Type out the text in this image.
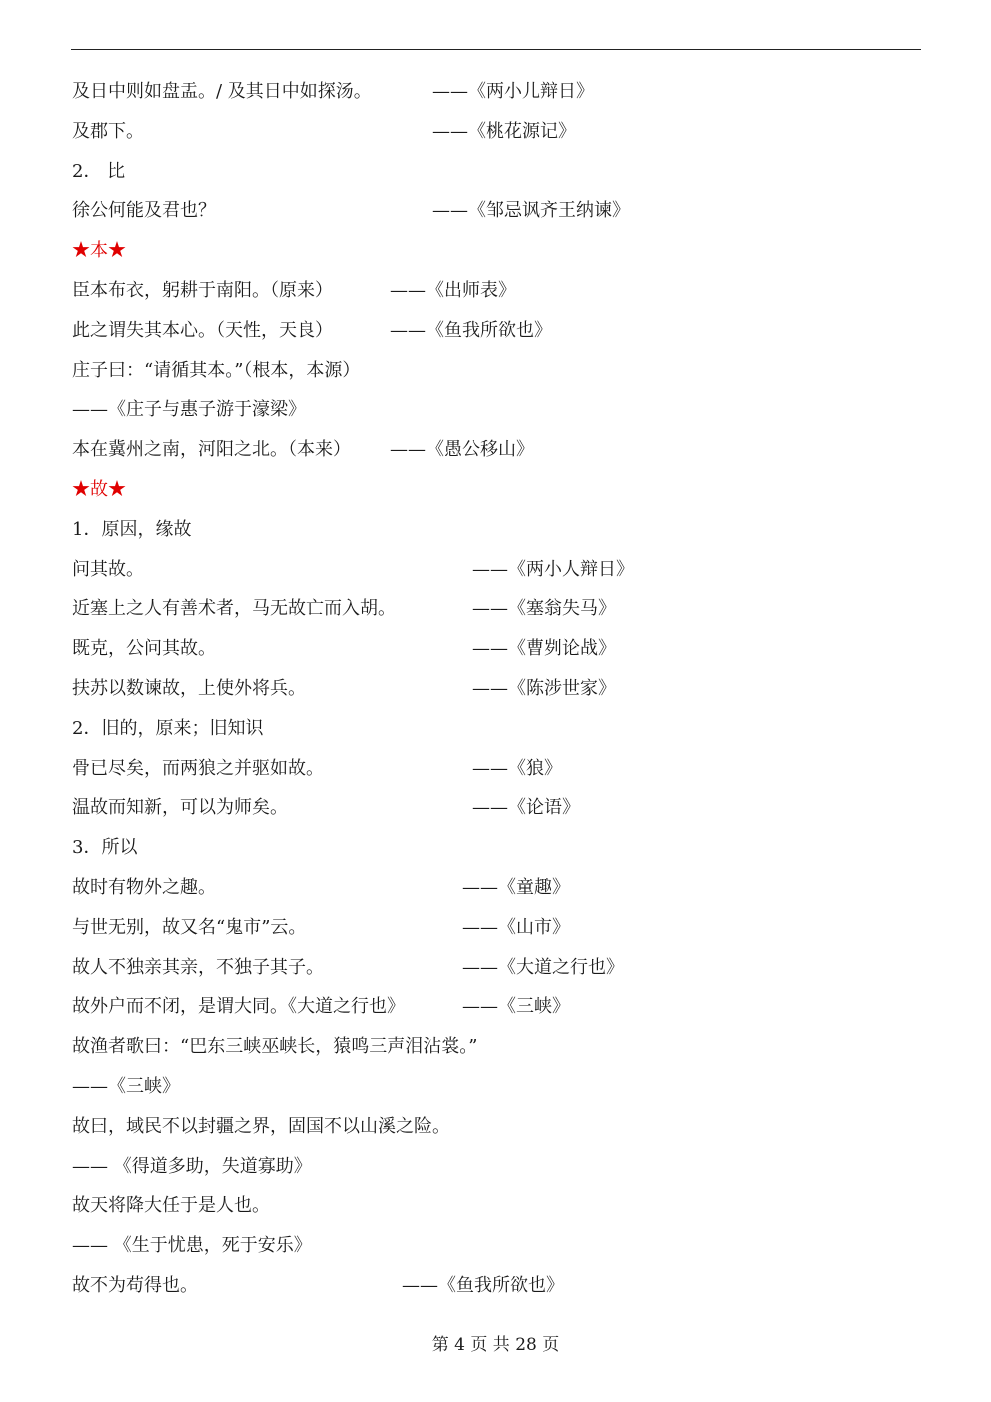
及日中则如盘盂。/ 及其日中如探汤。	——《两小儿辩日》
及郡下。	——《桃花源记》
2． 比
徐公何能及君也？	——《邹忌讽齐王纳谏》
★本★
臣本布衣，躬耕于南阳。（原来）	——《出师表》
此之谓失其本心。（天性，天良）	——《鱼我所欲也》
庄子曰：“请循其本。”（根本，本源）
——《庄子与惠子游于濠梁》
本在冀州之南，河阳之北。（本来） ——《愚公移山》
★故★
1．原因，缘故
问其故。	——《两小人辩日》
近塞上之人有善术者，马无故亡而入胡。	——《塞翁失马》
既克，公问其故。	——《曹刿论战》
扶苏以数谏故，上使外将兵。	——《陈涉世家》
2．旧的，原来；旧知识
骨已尽矣，而两狼之并驱如故。	——《狼》
温故而知新，可以为师矣。	——《论语》
3．所以
故时有物外之趣。	——《童趣》
与世无别，故又名“鬼市”云。	——《山市》
故人不独亲其亲，不独子其子。	——《大道之行也》
故外户而不闭，是谓大同。《大道之行也》	——《三峡》
故渔者歌曰：“巴东三峡巫峡长，猿鸣三声泪沾裳。”
——《三峡》
故曰，域民不以封疆之界，固国不以山溪之险。
—— 《得道多助，失道寡助》
故天将降大任于是人也。
—— 《生于忧患，死于安乐》
故不为苟得也。	——《鱼我所欲也》
第 4 页 共 28 页
